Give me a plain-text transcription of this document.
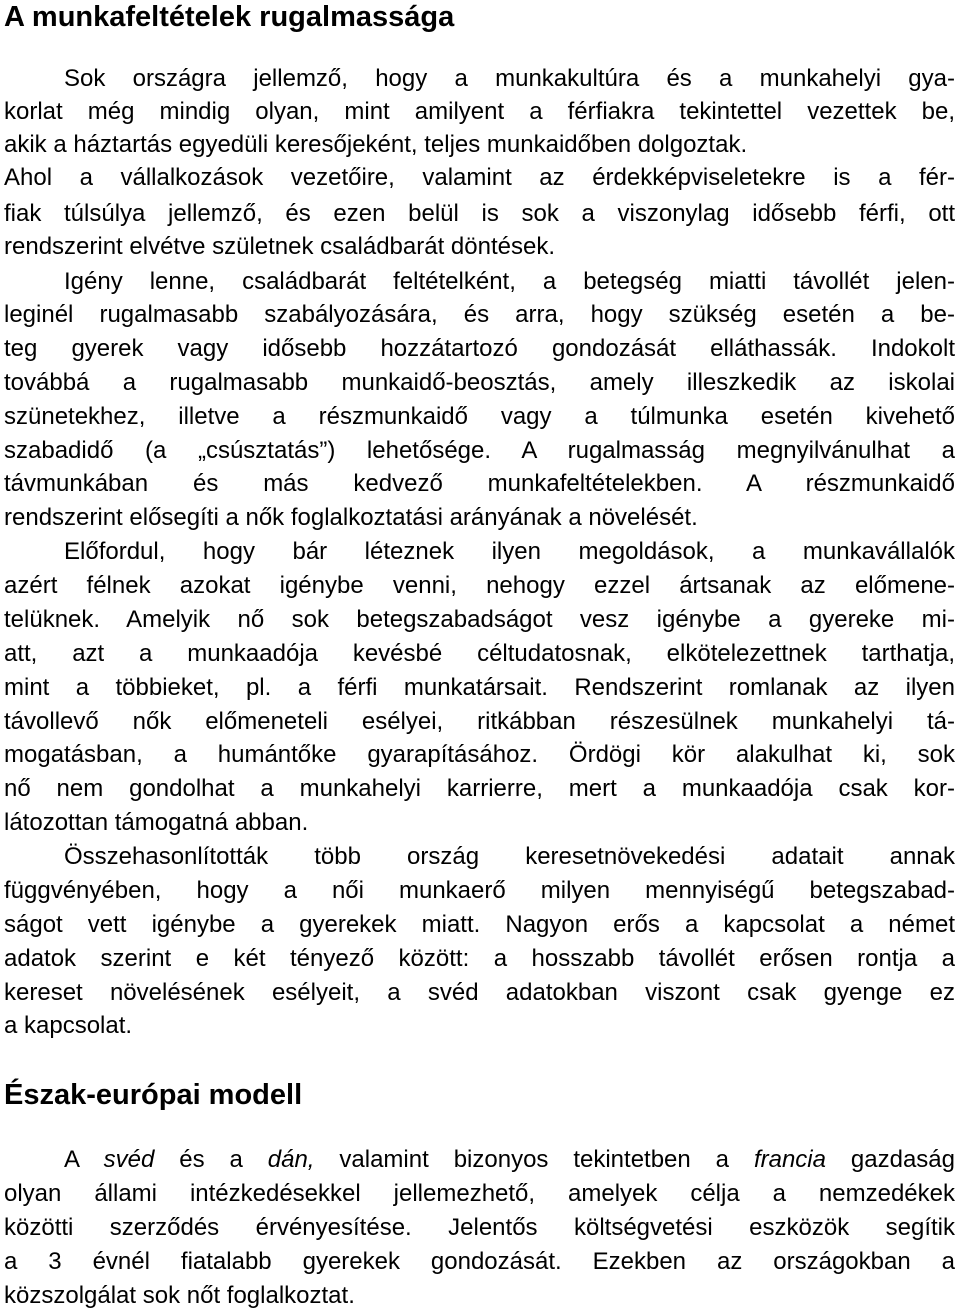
A munkafeltételek rugalmassága
Sok országra jellemző, hogy a munkakultúra és a munkahelyi gya-
korlat még mindig olyan, mint amilyent a férfiakra tekintettel vezettek be,
akik a háztartás egyedüli keresőjeként, teljes munkaidőben dolgoztak.
Ahol a vállalkozások vezetőire, valamint az érdekképviseletekre is a fér-
fiak túlsúlya jellemző, és ezen belül is sok a viszonylag idősebb férfi, ott
rendszerint elvétve születnek családbarát döntések.
Igény lenne, családbarát feltételként, a betegség miatti távollét jelen-
leginél rugalmasabb szabályozására, és arra, hogy szükség esetén a be-
teg gyerek vagy idősebb hozzátartozó gondozását elláthassák. Indokolt
továbbá a rugalmasabb munkaidő-beosztás, amely illeszkedik az iskolai
szünetekhez, illetve a részmunkaidő vagy a túlmunka esetén kivehető
szabadidő (a „csúsztatás”) lehetősége. A rugalmasság megnyilvánulhat a
távmunkában és más kedvező munkafeltételekben. A részmunkaidő
rendszerint elősegíti a nők foglalkoztatási arányának a növelését.
Előfordul, hogy bár léteznek ilyen megoldások, a munkavállalók
azért félnek azokat igénybe venni, nehogy ezzel ártsanak az előmene-
telüknek. Amelyik nő sok betegszabadságot vesz igénybe a gyereke mi-
att, azt a munkaadója kevésbé céltudatosnak, elkötelezettnek tarthatja,
mint a többieket, pl. a férfi munkatársait. Rendszerint romlanak az ilyen
távollevő nők előmeneteli esélyei, ritkábban részesülnek munkahelyi tá-
mogatásban, a humántőke gyarapításához. Ördögi kör alakulhat ki, sok
nő nem gondolhat a munkahelyi karrierre, mert a munkaadója csak kor-
látozottan támogatná abban.
Összehasonlították több ország keresetnövekedési adatait annak
függvényében, hogy a női munkaerő milyen mennyiségű betegszabad-
ságot vett igénybe a gyerekek miatt. Nagyon erős a kapcsolat a német
adatok szerint e két tényező között: a hosszabb távollét erősen rontja a
kereset növelésének esélyeit, a svéd adatokban viszont csak gyenge ez
a kapcsolat.
Észak-európai modell
A svéd és a dán, valamint bizonyos tekintetben a francia gazdaság
olyan állami intézkedésekkel jellemezhető, amelyek célja a nemzedékek
közötti szerződés érvényesítése. Jelentős költségvetési eszközök segítik
a 3 évnél fiatalabb gyerekek gondozását. Ezekben az országokban a
közszolgálat sok nőt foglalkoztat.
